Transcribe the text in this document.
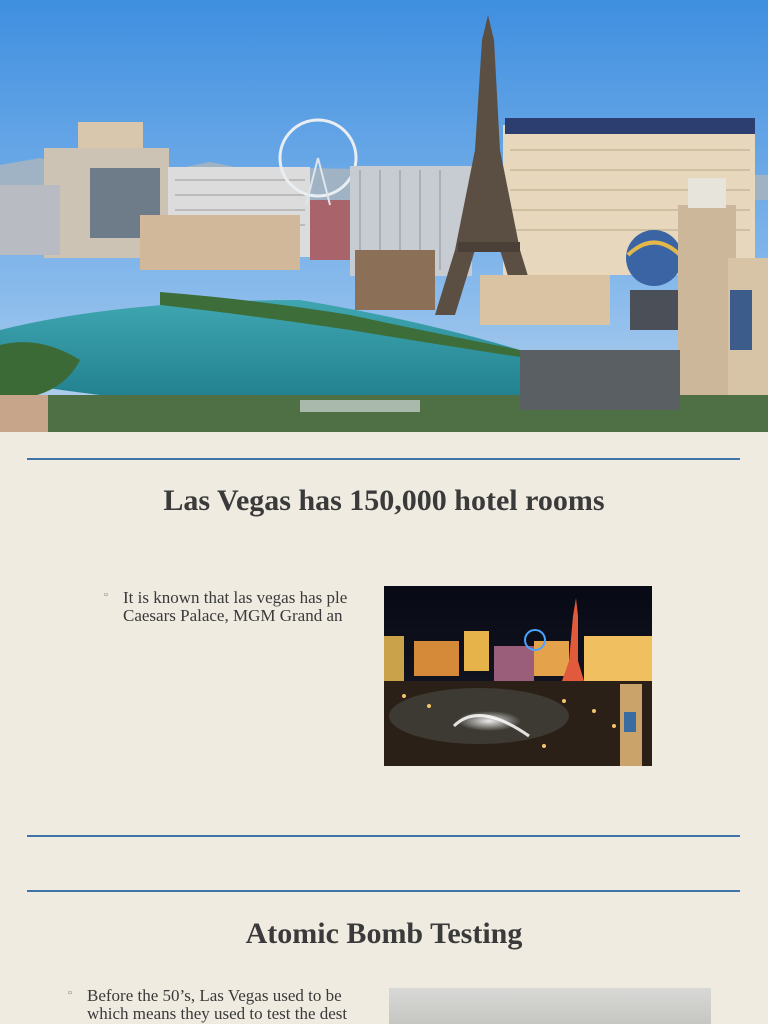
Las Vegas has 150,000 hotel rooms
▫ It is known that las vegas has ple
Caesars Palace, MGM Grand an
Atomic Bomb Testing
▫ Before the 50’s, Las Vegas used to be
which means they used to test the dest
